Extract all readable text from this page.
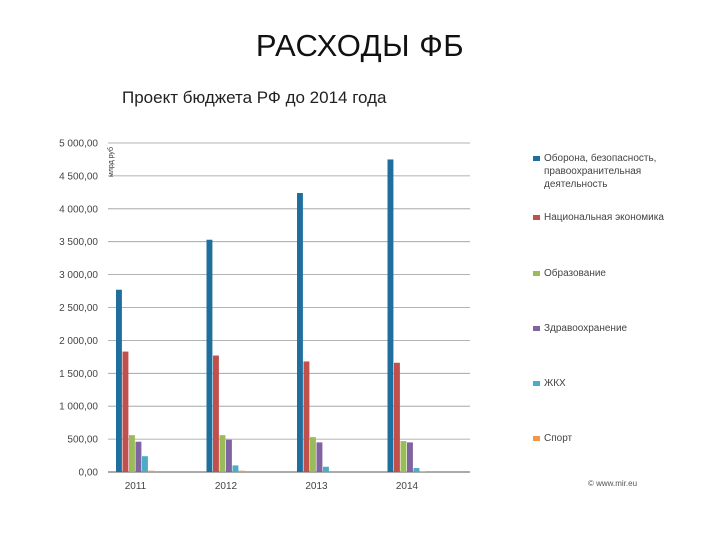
РАСХОДЫ ФБ
Проект бюджета РФ до 2014 года
млрд руб
0,00
500,00
1 000,00
1 500,00
2 000,00
2 500,00
3 000,00
3 500,00
4 000,00
4 500,00
5 000,00
2011	2012	2013	2014
Оборона, безопасность, правоохранительная деятельность
Национальная экономика
Образование
Здравоохранение
ЖКХ
Спорт
© www.mir.eu
